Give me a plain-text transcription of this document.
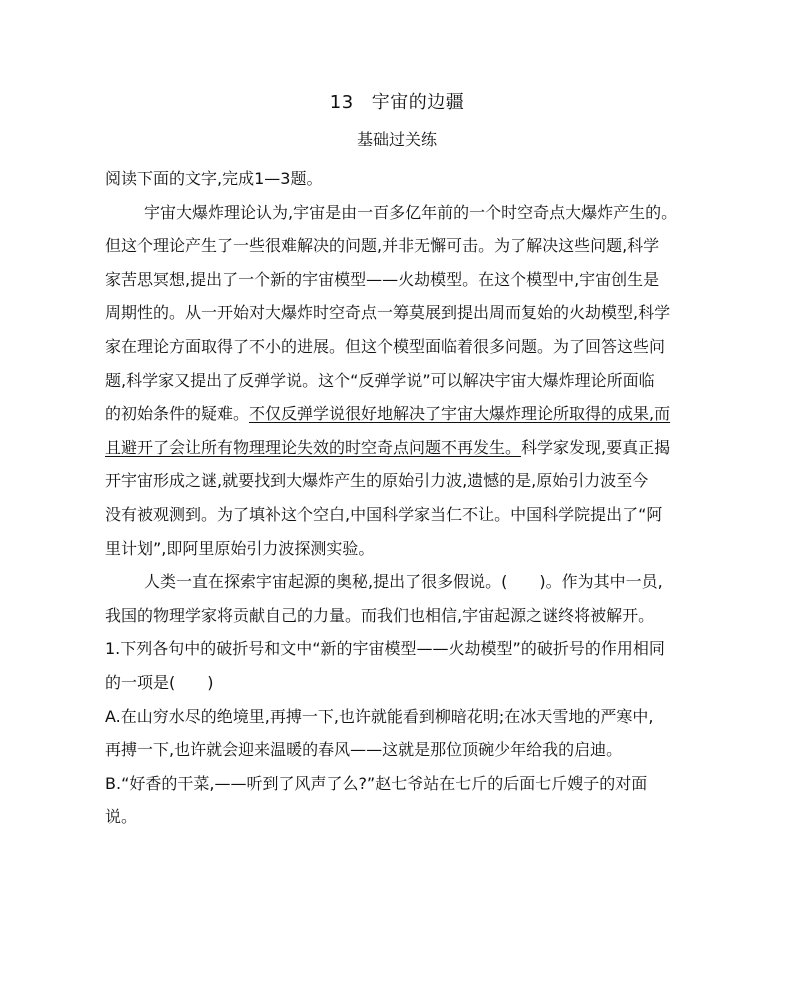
13 宇宙的边疆
基础过关练
阅读下面的文字,完成1—3题。
宇宙大爆炸理论认为,宇宙是由一百多亿年前的一个时空奇点大爆炸产生的。
但这个理论产生了一些很难解决的问题,并非无懈可击。为了解决这些问题,科学
家苦思冥想,提出了一个新的宇宙模型——火劫模型。在这个模型中,宇宙创生是
周期性的。从一开始对大爆炸时空奇点一筹莫展到提出周而复始的火劫模型,科学
家在理论方面取得了不小的进展。但这个模型面临着很多问题。为了回答这些问
题,科学家又提出了反弹学说。这个“反弹学说”可以解决宇宙大爆炸理论所面临
的初始条件的疑难。不仅反弹学说很好地解决了宇宙大爆炸理论所取得的成果,而
且避开了会让所有物理理论失效的时空奇点问题不再发生。科学家发现,要真正揭
开宇宙形成之谜,就要找到大爆炸产生的原始引力波,遗憾的是,原始引力波至今
没有被观测到。为了填补这个空白,中国科学家当仁不让。中国科学院提出了“阿
里计划”,即阿里原始引力波探测实验。
人类一直在探索宇宙起源的奥秘,提出了很多假说。(　　)。作为其中一员,
我国的物理学家将贡献自己的力量。而我们也相信,宇宙起源之谜终将被解开。
1.下列各句中的破折号和文中“新的宇宙模型——火劫模型”的破折号的作用相同
的一项是(　　)
A.在山穷水尽的绝境里,再搏一下,也许就能看到柳暗花明;在冰天雪地的严寒中,
再搏一下,也许就会迎来温暖的春风——这就是那位顶碗少年给我的启迪。
B.“好香的干菜,——听到了风声了么?”赵七爷站在七斤的后面七斤嫂子的对面
说。
